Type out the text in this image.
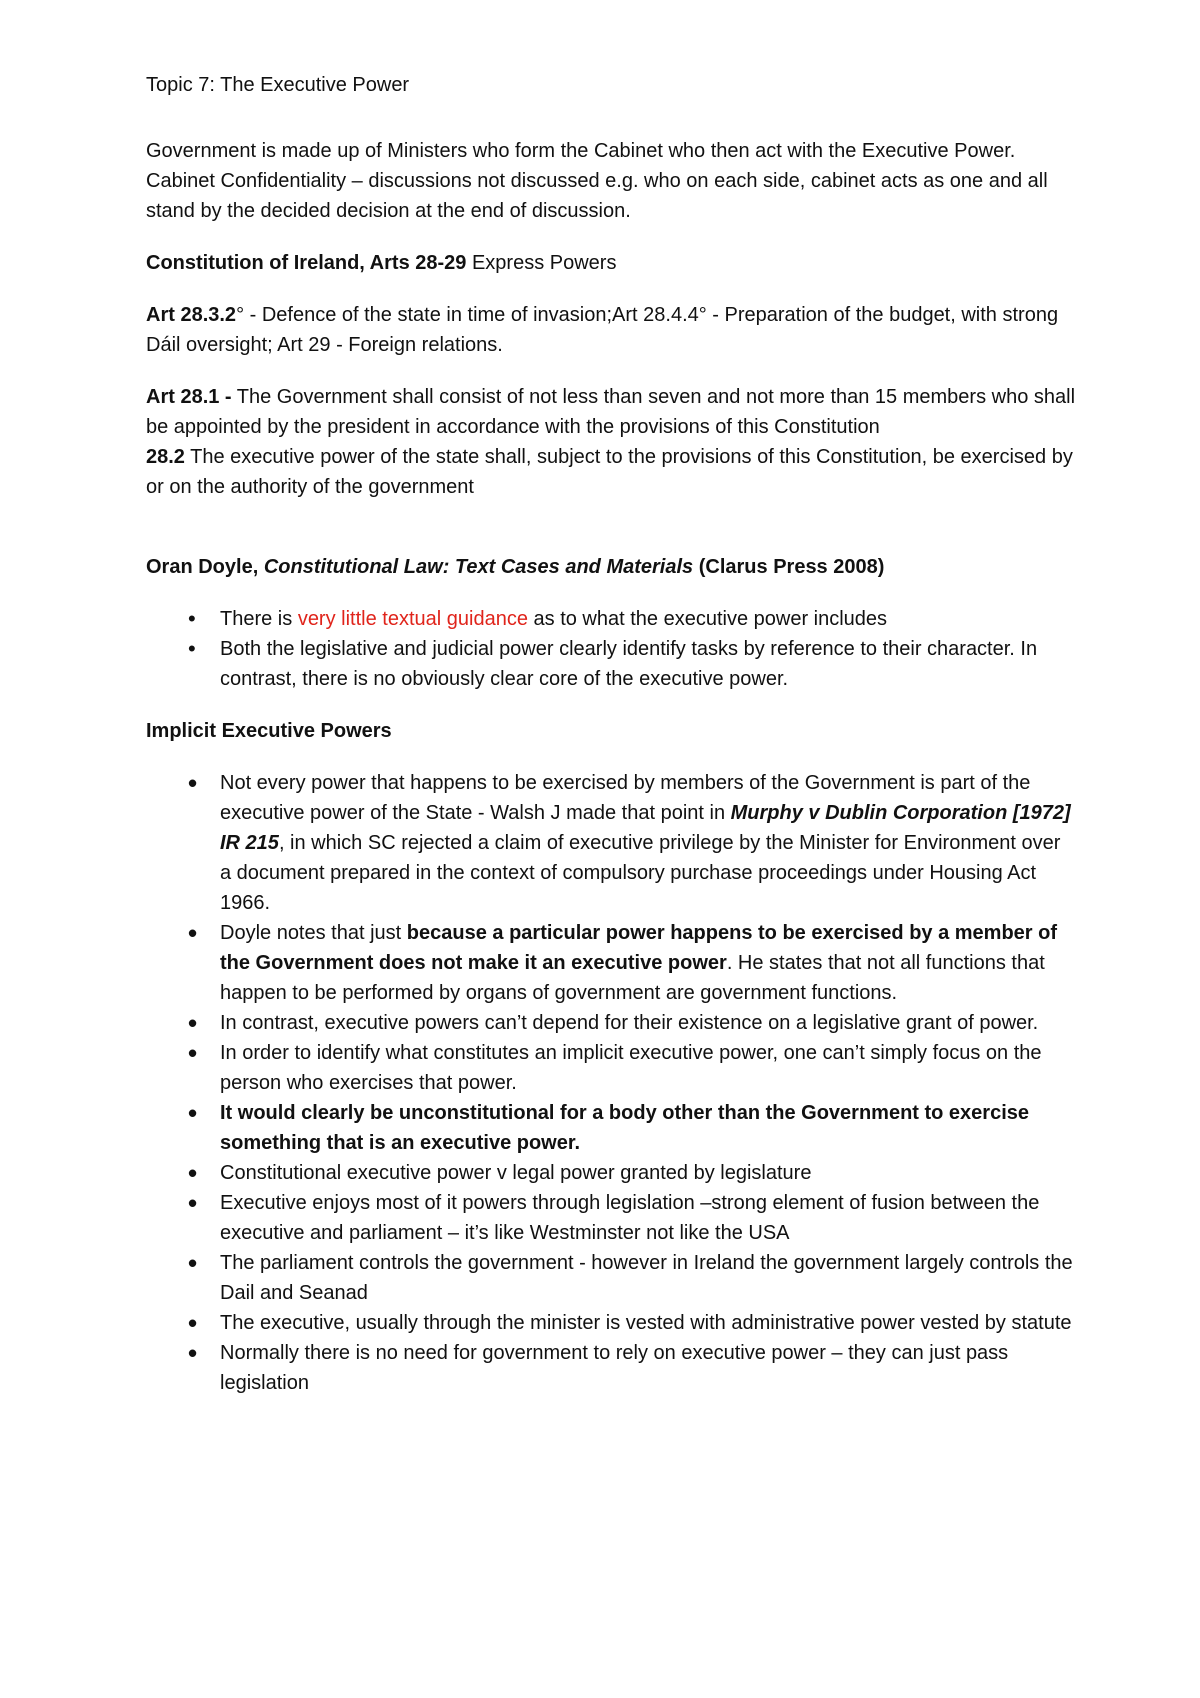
Topic 7: The Executive Power

Government is made up of Ministers who form the Cabinet who then act with the Executive Power. Cabinet Confidentiality – discussions not discussed e.g. who on each side, cabinet acts as one and all stand by the decided decision at the end of discussion.

Constitution of Ireland, Arts 28-29 Express Powers

Art 28.3.2° - Defence of the state in time of invasion;Art 28.4.4° - Preparation of the budget, with strong Dáil oversight; Art 29 - Foreign relations.

Art 28.1 - The Government shall consist of not less than seven and not more than 15 members who shall be appointed by the president in accordance with the provisions of this Constitution

28.2 The executive power of the state shall, subject to the provisions of this Constitution, be exercised by or on the authority of the government

Oran Doyle, Constitutional Law: Text Cases and Materials (Clarus Press 2008)

• There is very little textual guidance as to what the executive power includes
• Both the legislative and judicial power clearly identify tasks by reference to their character. In contrast, there is no obviously clear core of the executive power.

Implicit Executive Powers

• Not every power that happens to be exercised by members of the Government is part of the executive power of the State - Walsh J made that point in Murphy v Dublin Corporation [1972] IR 215, in which SC rejected a claim of executive privilege by the Minister for Environment over a document prepared in the context of compulsory purchase proceedings under Housing Act 1966.
• Doyle notes that just because a particular power happens to be exercised by a member of the Government does not make it an executive power. He states that not all functions that happen to be performed by organs of government are government functions.
• In contrast, executive powers can’t depend for their existence on a legislative grant of power.
• In order to identify what constitutes an implicit executive power, one can’t simply focus on the person who exercises that power.
• It would clearly be unconstitutional for a body other than the Government to exercise something that is an executive power.
• Constitutional executive power v legal power granted by legislature
• Executive enjoys most of it powers through legislation –strong element of fusion between the executive and parliament – it’s like Westminster not like the USA
• The parliament controls the government - however in Ireland the government largely controls the Dail and Seanad
• The executive, usually through the minister is vested with administrative power vested by statute
• Normally there is no need for government to rely on executive power – they can just pass legislation
